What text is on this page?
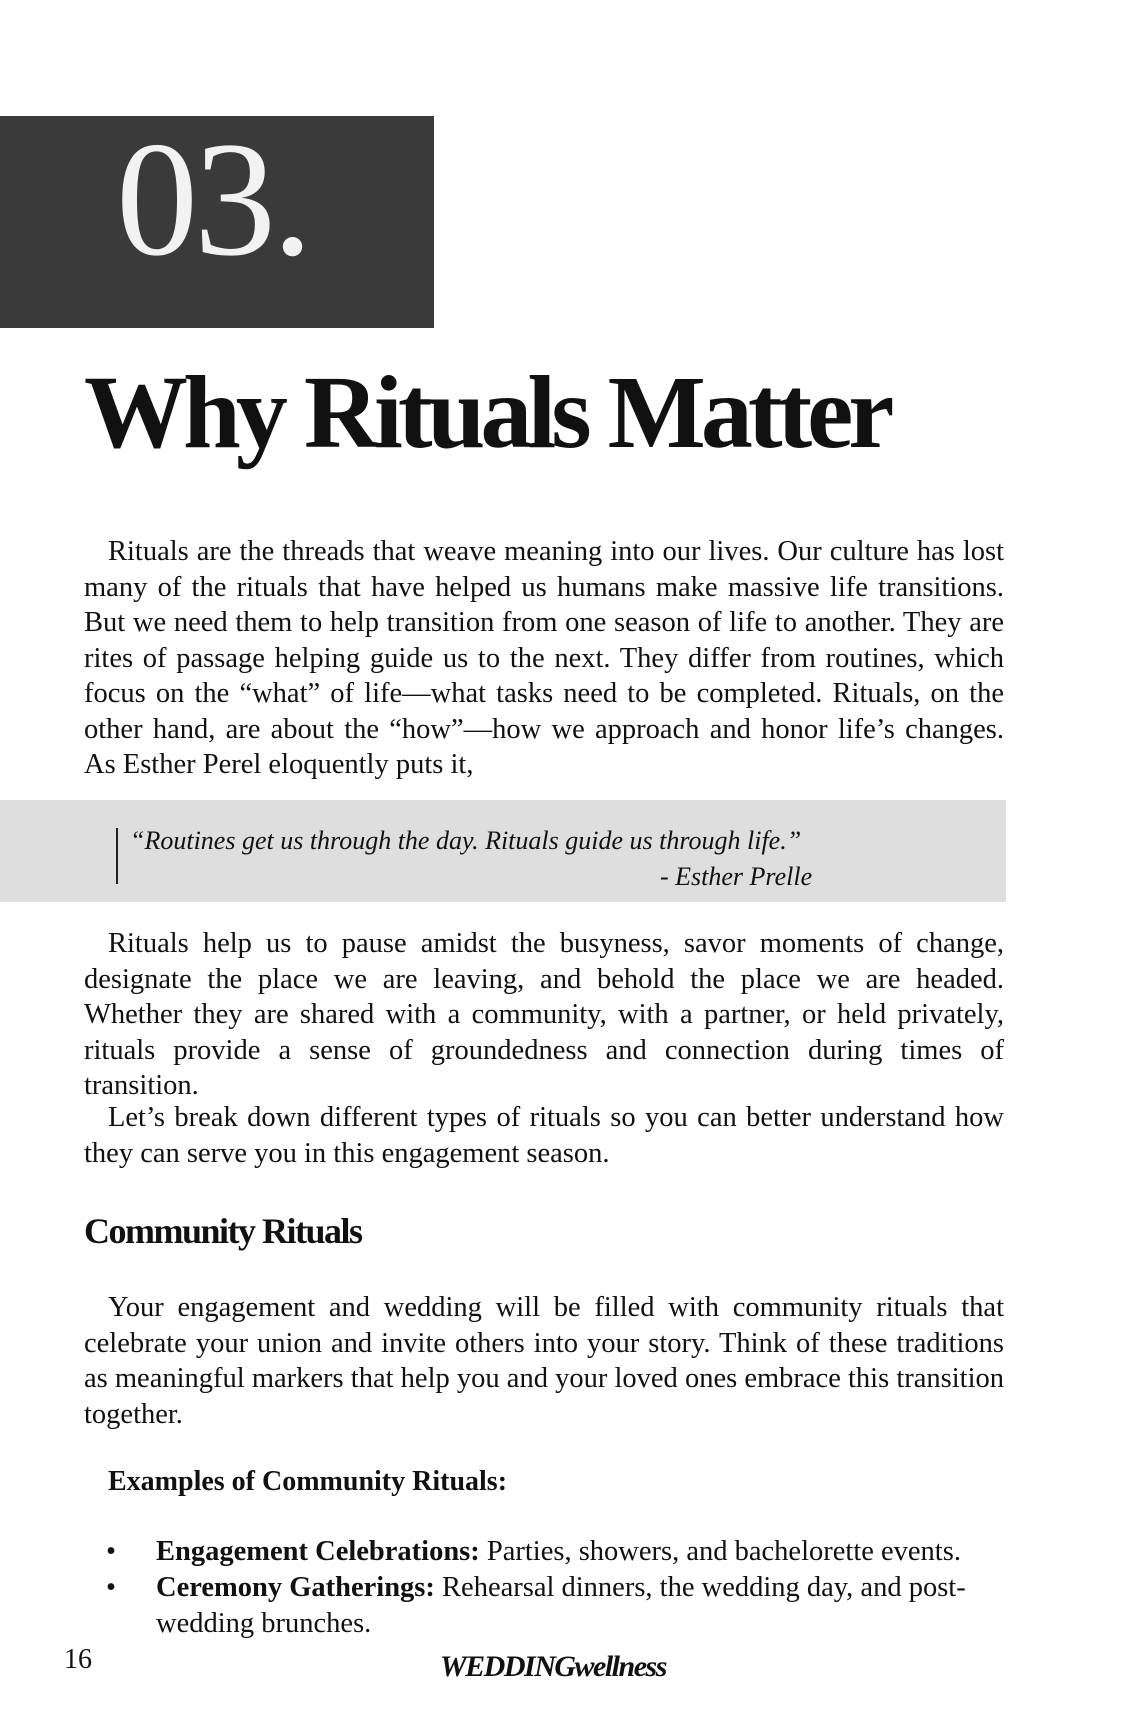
03.
Why Rituals Matter

Rituals are the threads that weave meaning into our lives. Our culture has lost many of the rituals that have helped us humans make massive life transitions. But we need them to help transition from one season of life to another. They are rites of passage helping guide us to the next. They differ from routines, which focus on the “what” of life—what tasks need to be completed. Rituals, on the other hand, are about the “how”—how we approach and honor life’s changes. As Esther Perel eloquently puts it,

“Routines get us through the day. Rituals guide us through life.”
- Esther Prelle

Rituals help us to pause amidst the busyness, savor moments of change, designate the place we are leaving, and behold the place we are headed. Whether they are shared with a community, with a partner, or held privately, rituals provide a sense of groundedness and connection during times of transition.

Let’s break down different types of rituals so you can better understand how they can serve you in this engagement season.

Community Rituals

Your engagement and wedding will be filled with community rituals that celebrate your union and invite others into your story. Think of these traditions as meaningful markers that help you and your loved ones embrace this transition together.

Examples of Community Rituals:
• Engagement Celebrations: Parties, showers, and bachelorette events.
• Ceremony Gatherings: Rehearsal dinners, the wedding day, and post-wedding brunches.
16	WEDDINGwellness
